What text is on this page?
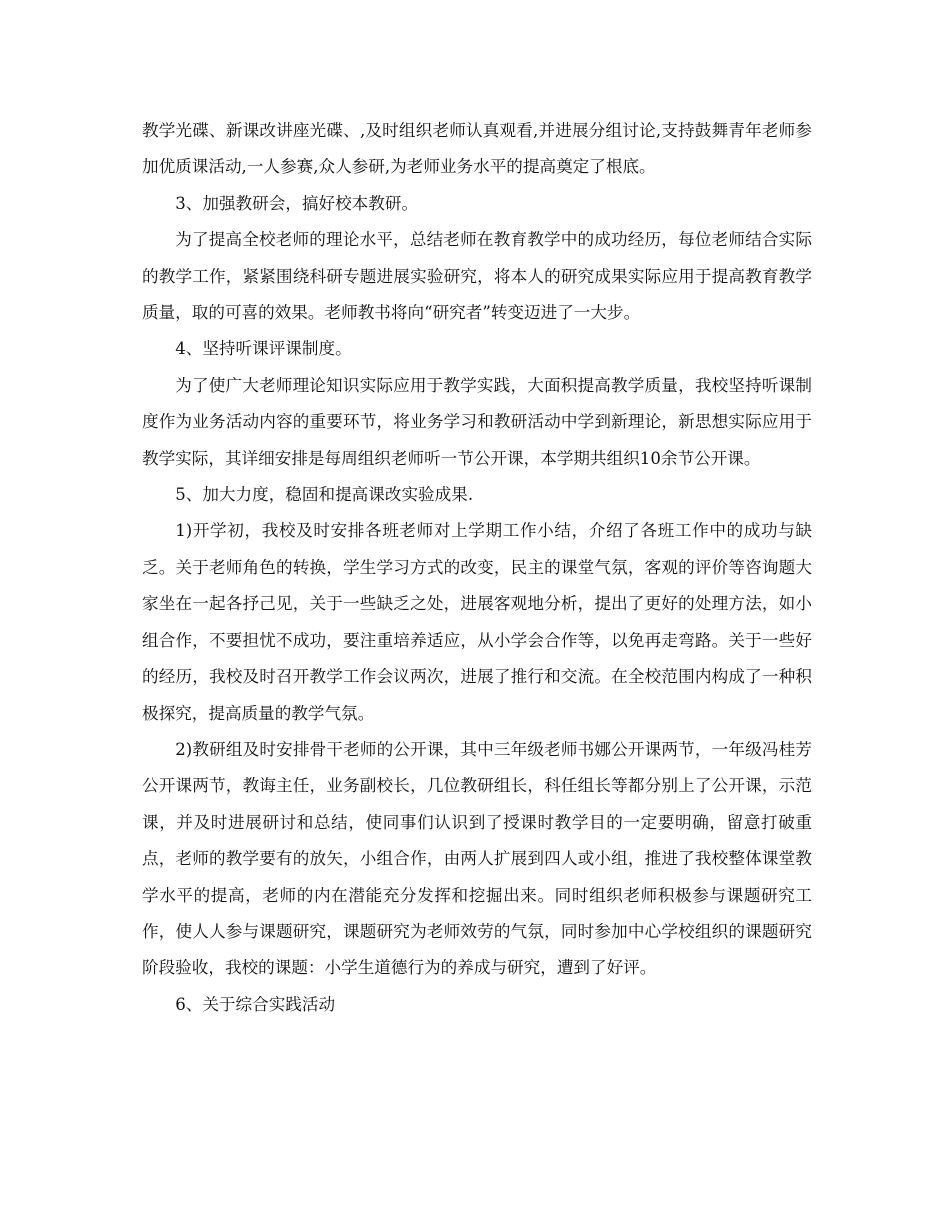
教学光碟、新课改讲座光碟、,及时组织老师认真观看,并进展分组讨论,支持鼓舞青年老师参加优质课活动,一人参赛,众人参研,为老师业务水平的提高奠定了根底。

3、加强教研会，搞好校本教研。

为了提高全校老师的理论水平，总结老师在教育教学中的成功经历，每位老师结合实际的教学工作，紧紧围绕科研专题进展实验研究，将本人的研究成果实际应用于提高教育教学质量，取的可喜的效果。老师教书将向“研究者”转变迈进了一大步。

4、坚持听课评课制度。

为了使广大老师理论知识实际应用于教学实践，大面积提高教学质量，我校坚持听课制度作为业务活动内容的重要环节，将业务学习和教研活动中学到新理论，新思想实际应用于教学实际，其详细安排是每周组织老师听一节公开课，本学期共组织10余节公开课。

5、加大力度，稳固和提高课改实验成果.

1)开学初，我校及时安排各班老师对上学期工作小结，介绍了各班工作中的成功与缺乏。关于老师角色的转换，学生学习方式的改变，民主的课堂气氛，客观的评价等咨询题大家坐在一起各抒己见，关于一些缺乏之处，进展客观地分析，提出了更好的处理方法，如小组合作，不要担忧不成功，要注重培养适应，从小学会合作等，以免再走弯路。关于一些好的经历，我校及时召开教学工作会议两次，进展了推行和交流。在全校范围内构成了一种积极探究，提高质量的教学气氛。

2)教研组及时安排骨干老师的公开课，其中三年级老师书娜公开课两节，一年级冯桂芳公开课两节，教诲主任，业务副校长，几位教研组长，科任组长等都分别上了公开课，示范课，并及时进展研讨和总结，使同事们认识到了授课时教学目的一定要明确，留意打破重点，老师的教学要有的放矢，小组合作，由两人扩展到四人或小组，推进了我校整体课堂教学水平的提高，老师的内在潜能充分发挥和挖掘出来。同时组织老师积极参与课题研究工作，使人人参与课题研究，课题研究为老师效劳的气氛，同时参加中心学校组织的课题研究阶段验收，我校的课题：小学生道德行为的养成与研究，遭到了好评。

6、关于综合实践活动
